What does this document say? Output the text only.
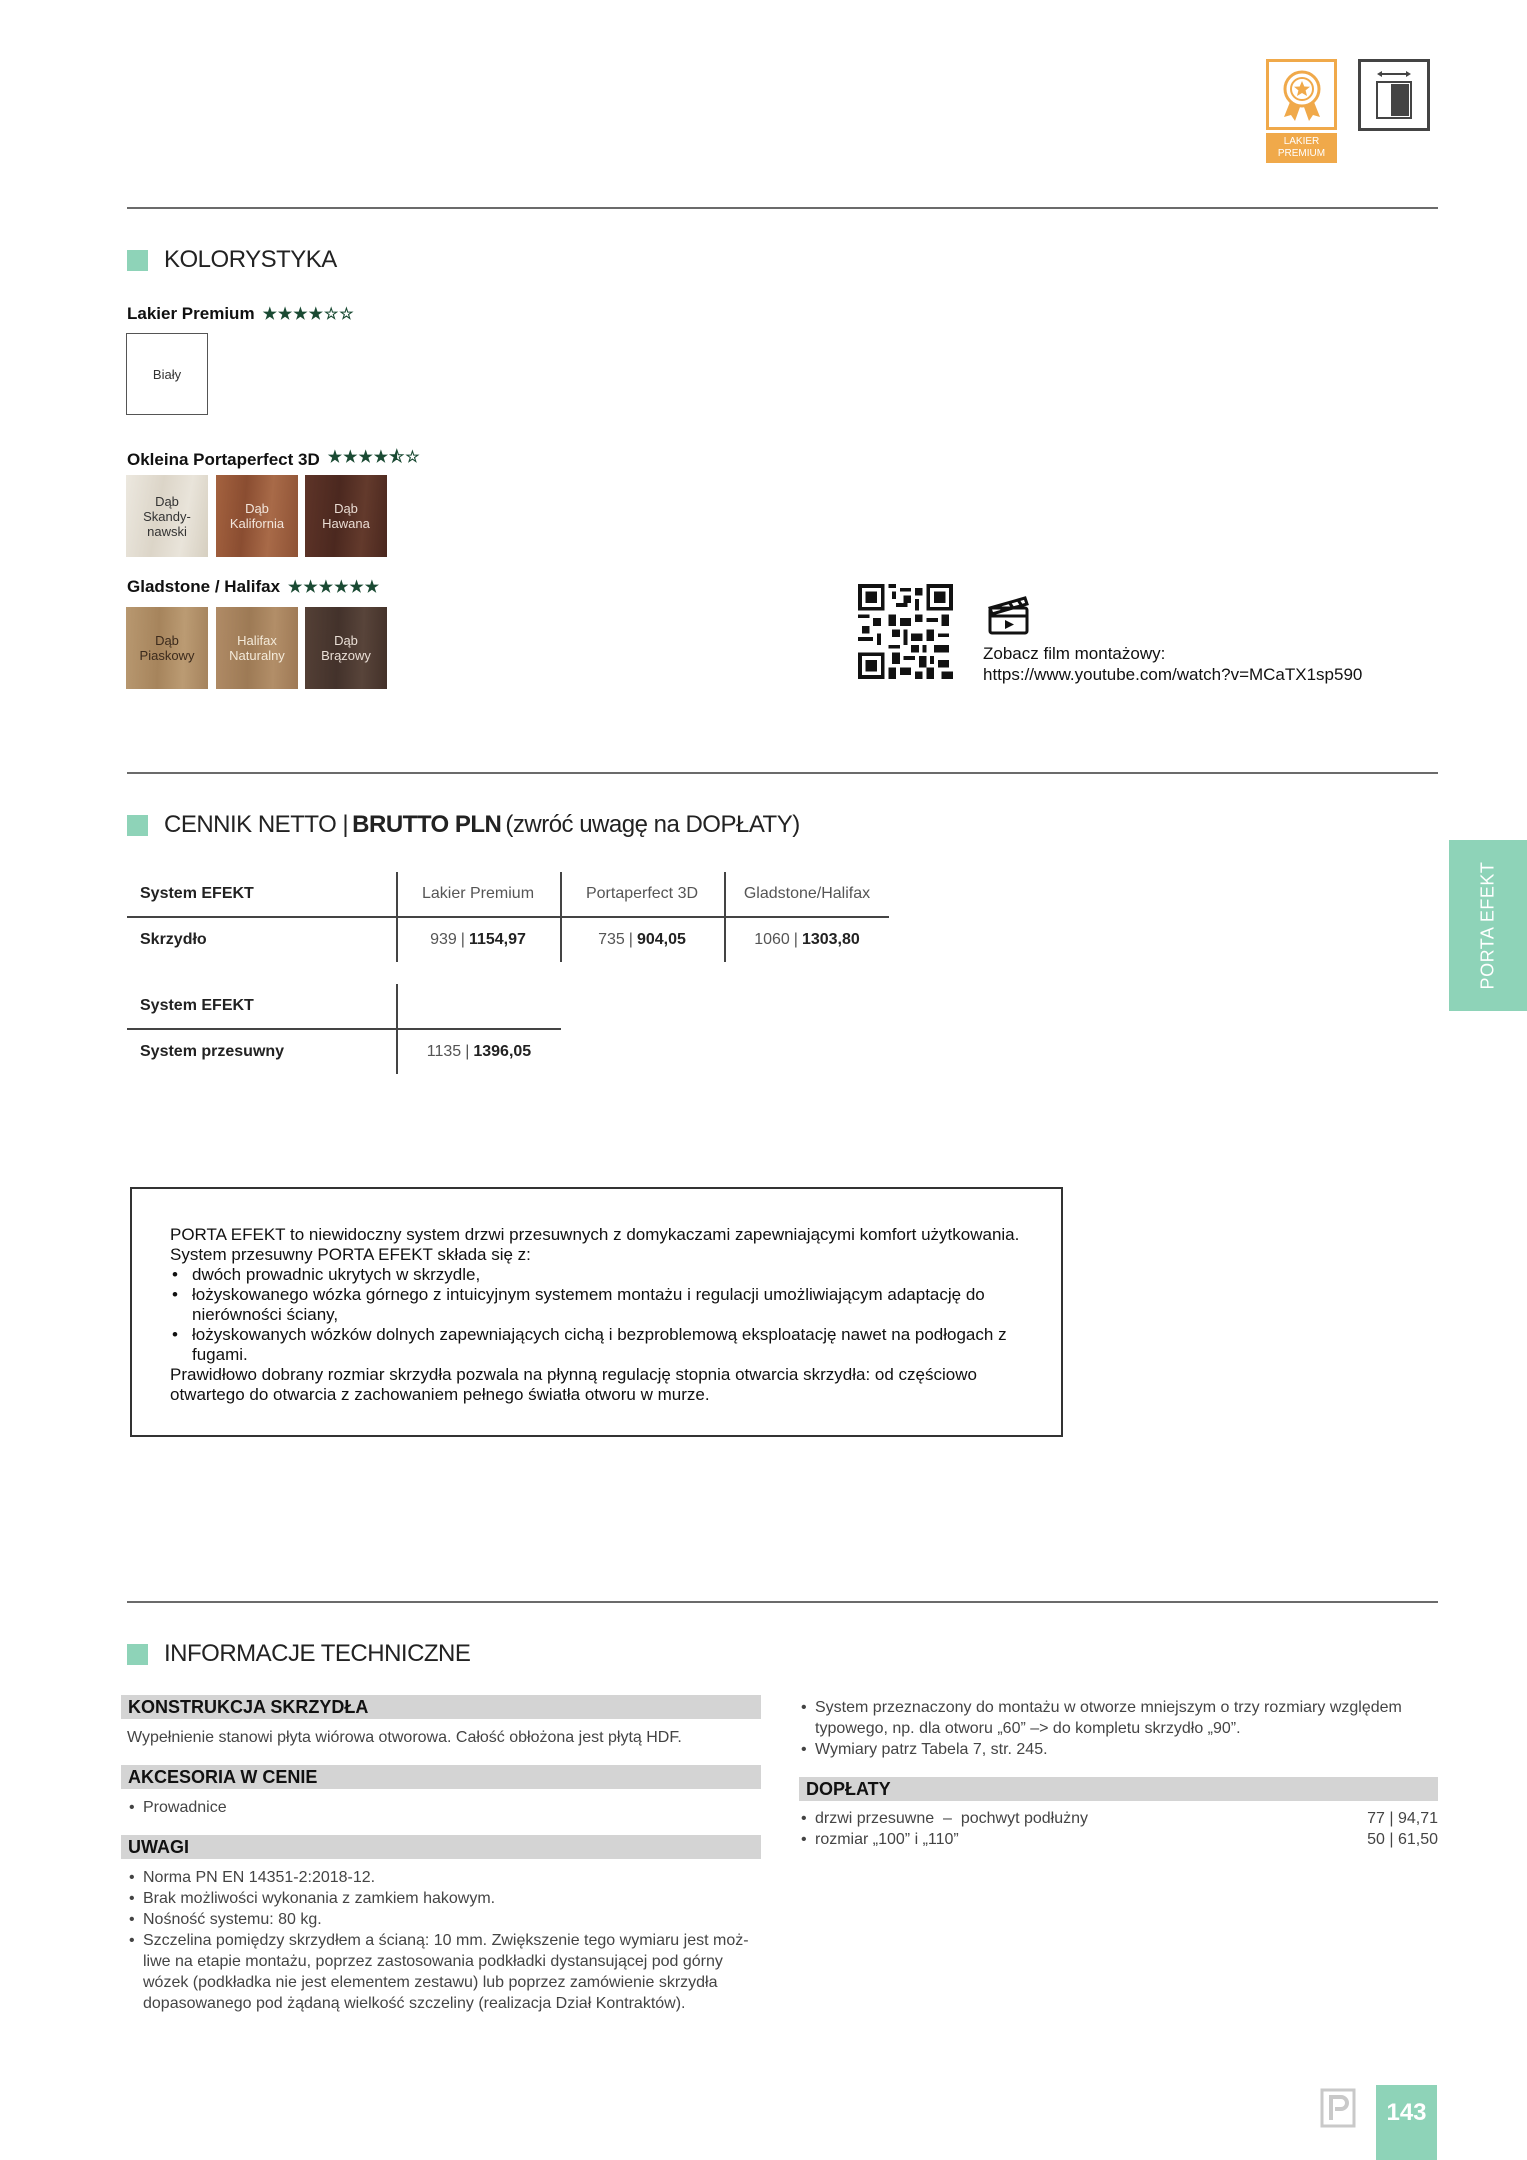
LAKIER PREMIUM
KOLORYSTYKA
Lakier Premium ★★★★☆☆
Biały
Okleina Portaperfect 3D ★★★★⯪☆
Dąb Skandy-nawski
Dąb Kalifornia
Dąb Hawana
Gladstone / Halifax ★★★★★★
Dąb Piaskowy
Halifax Naturalny
Dąb Brązowy	Zobacz film montażowy:
https://www.youtube.com/watch?v=MCaTX1sp590
CENNIK NETTO | BRUTTO PLN (zwróć uwagę na DOPŁATY)
System EFEKT	Lakier Premium	Portaperfect 3D	Gladstone/Halifax
Skrzydło	939 | 1154,97	735 | 904,05	1060 | 1303,80
System EFEKT
System przesuwny	1135 | 1396,05
PORTA EFEKT to niewidoczny system drzwi przesuwnych z domykaczami zapewniającymi komfort użytkowania.
System przesuwny PORTA EFEKT składa się z:
• dwóch prowadnic ukrytych w skrzydle,
• łożyskowanego wózka górnego z intuicyjnym systemem montażu i regulacji umożliwiającym adaptację do nierówności ściany,
• łożyskowanych wózków dolnych zapewniających cichą i bezproblemową eksploatację nawet na podłogach z fugami.
Prawidłowo dobrany rozmiar skrzydła pozwala na płynną regulację stopnia otwarcia skrzydła: od częściowo otwartego do otwarcia z zachowaniem pełnego światła otworu w murze.
INFORMACJE TECHNICZNE
KONSTRUKCJA SKRZYDŁA
Wypełnienie stanowi płyta wiórowa otworowa. Całość obłożona jest płytą HDF.
AKCESORIA W CENIE
• Prowadnice
UWAGI
• Norma PN EN 14351-2:2018-12.
• Brak możliwości wykonania z zamkiem hakowym.
• Nośność systemu: 80 kg.
• Szczelina pomiędzy skrzydłem a ścianą: 10 mm. Zwiększenie tego wymiaru jest moż-liwe na etapie montażu, poprzez zastosowania podkładki dystansującej pod górny wózek (podkładka nie jest elementem zestawu) lub poprzez zamówienie skrzydła dopasowanego pod żądaną wielkość szczeliny (realizacja Dział Kontraktów).
• System przeznaczony do montażu w otworze mniejszym o trzy rozmiary względem typowego, np. dla otworu „60” –> do kompletu skrzydło „90”.
• Wymiary patrz Tabela 7, str. 245.
DOPŁATY
• drzwi przesuwne  –  pochwyt podłużny	77 | 94,71
• rozmiar „100” i „110”	50 | 61,50
PORTA EFEKT
143
